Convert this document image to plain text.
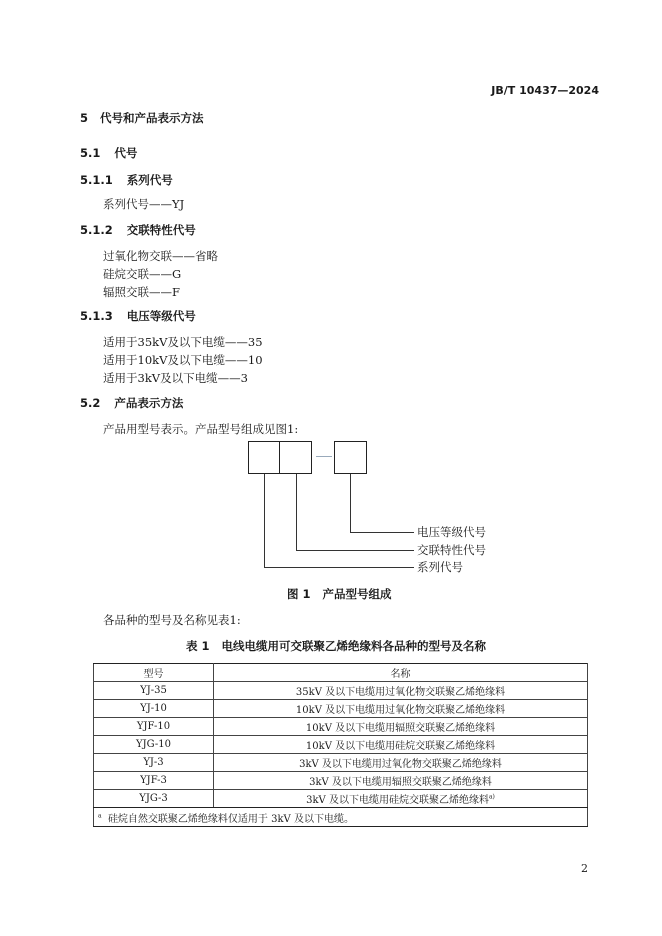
JB/T 10437—2024
5 代号和产品表示方法
5.1 代号
5.1.1 系列代号
系列代号——YJ
5.1.2 交联特性代号
过氧化物交联——省略
硅烷交联——G
辐照交联——F
5.1.3 电压等级代号
适用于35kV及以下电缆——35
适用于10kV及以下电缆——10
适用于3kV及以下电缆——3
5.2 产品表示方法
产品用型号表示。产品型号组成见图1:
电压等级代号
交联特性代号
系列代号
图 1 产品型号组成
各品种的型号及名称见表1:
表 1 电线电缆用可交联聚乙烯绝缘料各品种的型号及名称
型号	名称
YJ-35	35kV 及以下电缆用过氧化物交联聚乙烯绝缘料
YJ-10	10kV 及以下电缆用过氧化物交联聚乙烯绝缘料
YJF-10	10kV 及以下电缆用辐照交联聚乙烯绝缘料
YJG-10	10kV 及以下电缆用硅烷交联聚乙烯绝缘料
YJ-3	3kV 及以下电缆用过氧化物交联聚乙烯绝缘料
YJF-3	3kV 及以下电缆用辐照交联聚乙烯绝缘料
YJG-3	3kV 及以下电缆用硅烷交联聚乙烯绝缘料$^{a)}$
$^a$ 硅烷自然交联聚乙烯绝缘料仅适用于 3kV 及以下电缆。	
2
